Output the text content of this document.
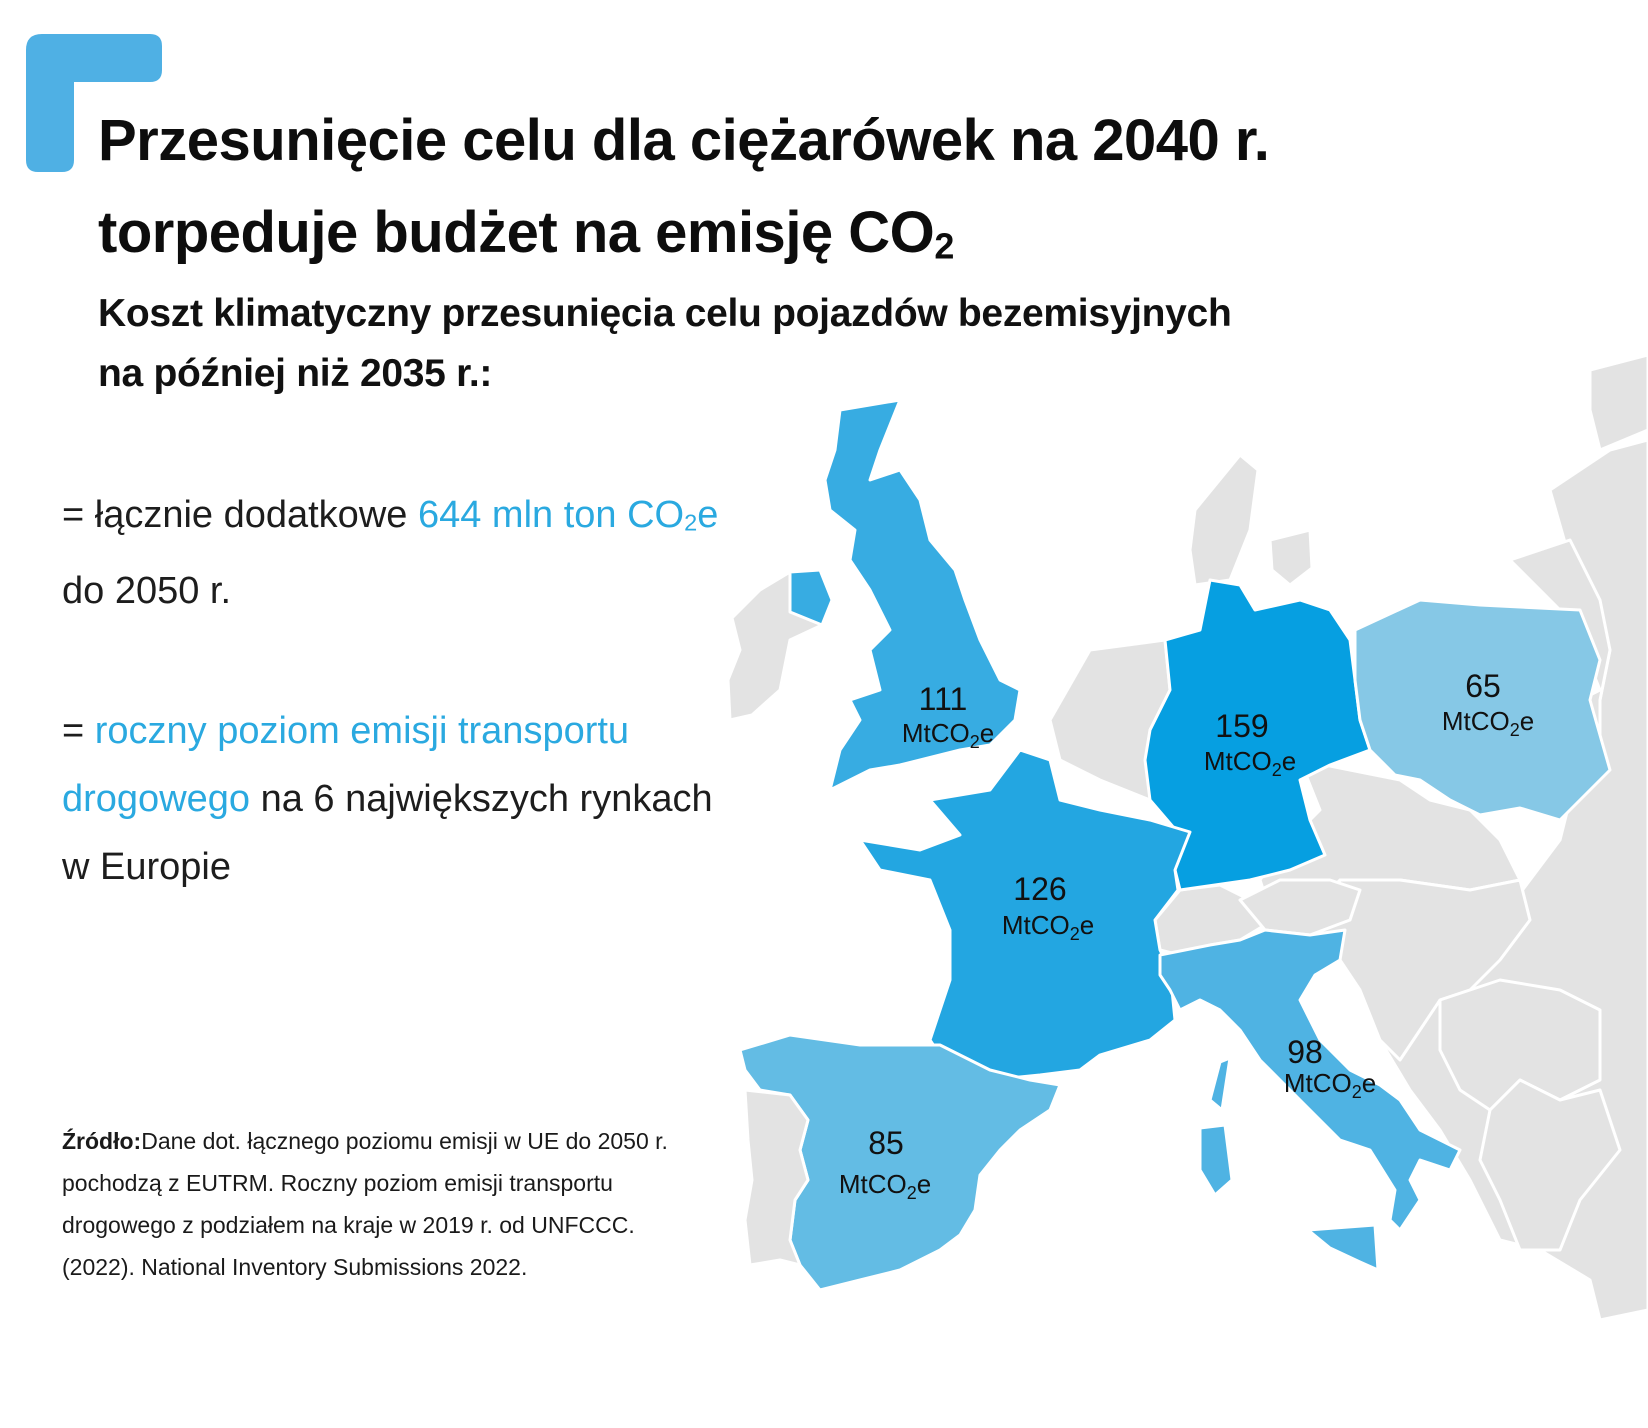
111
MtCO$_2$e	159
MtCO$_2$e
65
MtCO$_2$e
126
MtCO$_2$e
98
MtCO$_2$e
85
MtCO$_2$e
Przesunięcie celu dla ciężarówek na 2040 r.
torpeduje budżet na emisję $CO_2$
Koszt klimatyczny przesunięcia celu pojazdów bezemisyjnych
na później niż 2035 r.:

= łącznie dodatkowe 644 mln ton $CO_2e$ do 2050 r.

= roczny poziom emisji transportu drogowego na 6 największych rynkach w Europie

Źródło:Dane dot. łącznego poziomu emisji w UE do 2050 r. pochodzą z EUTRM. Roczny poziom emisji transportu drogowego z podziałem na kraje w 2019 r. od UNFCCC. (2022). National Inventory Submissions 2022.
